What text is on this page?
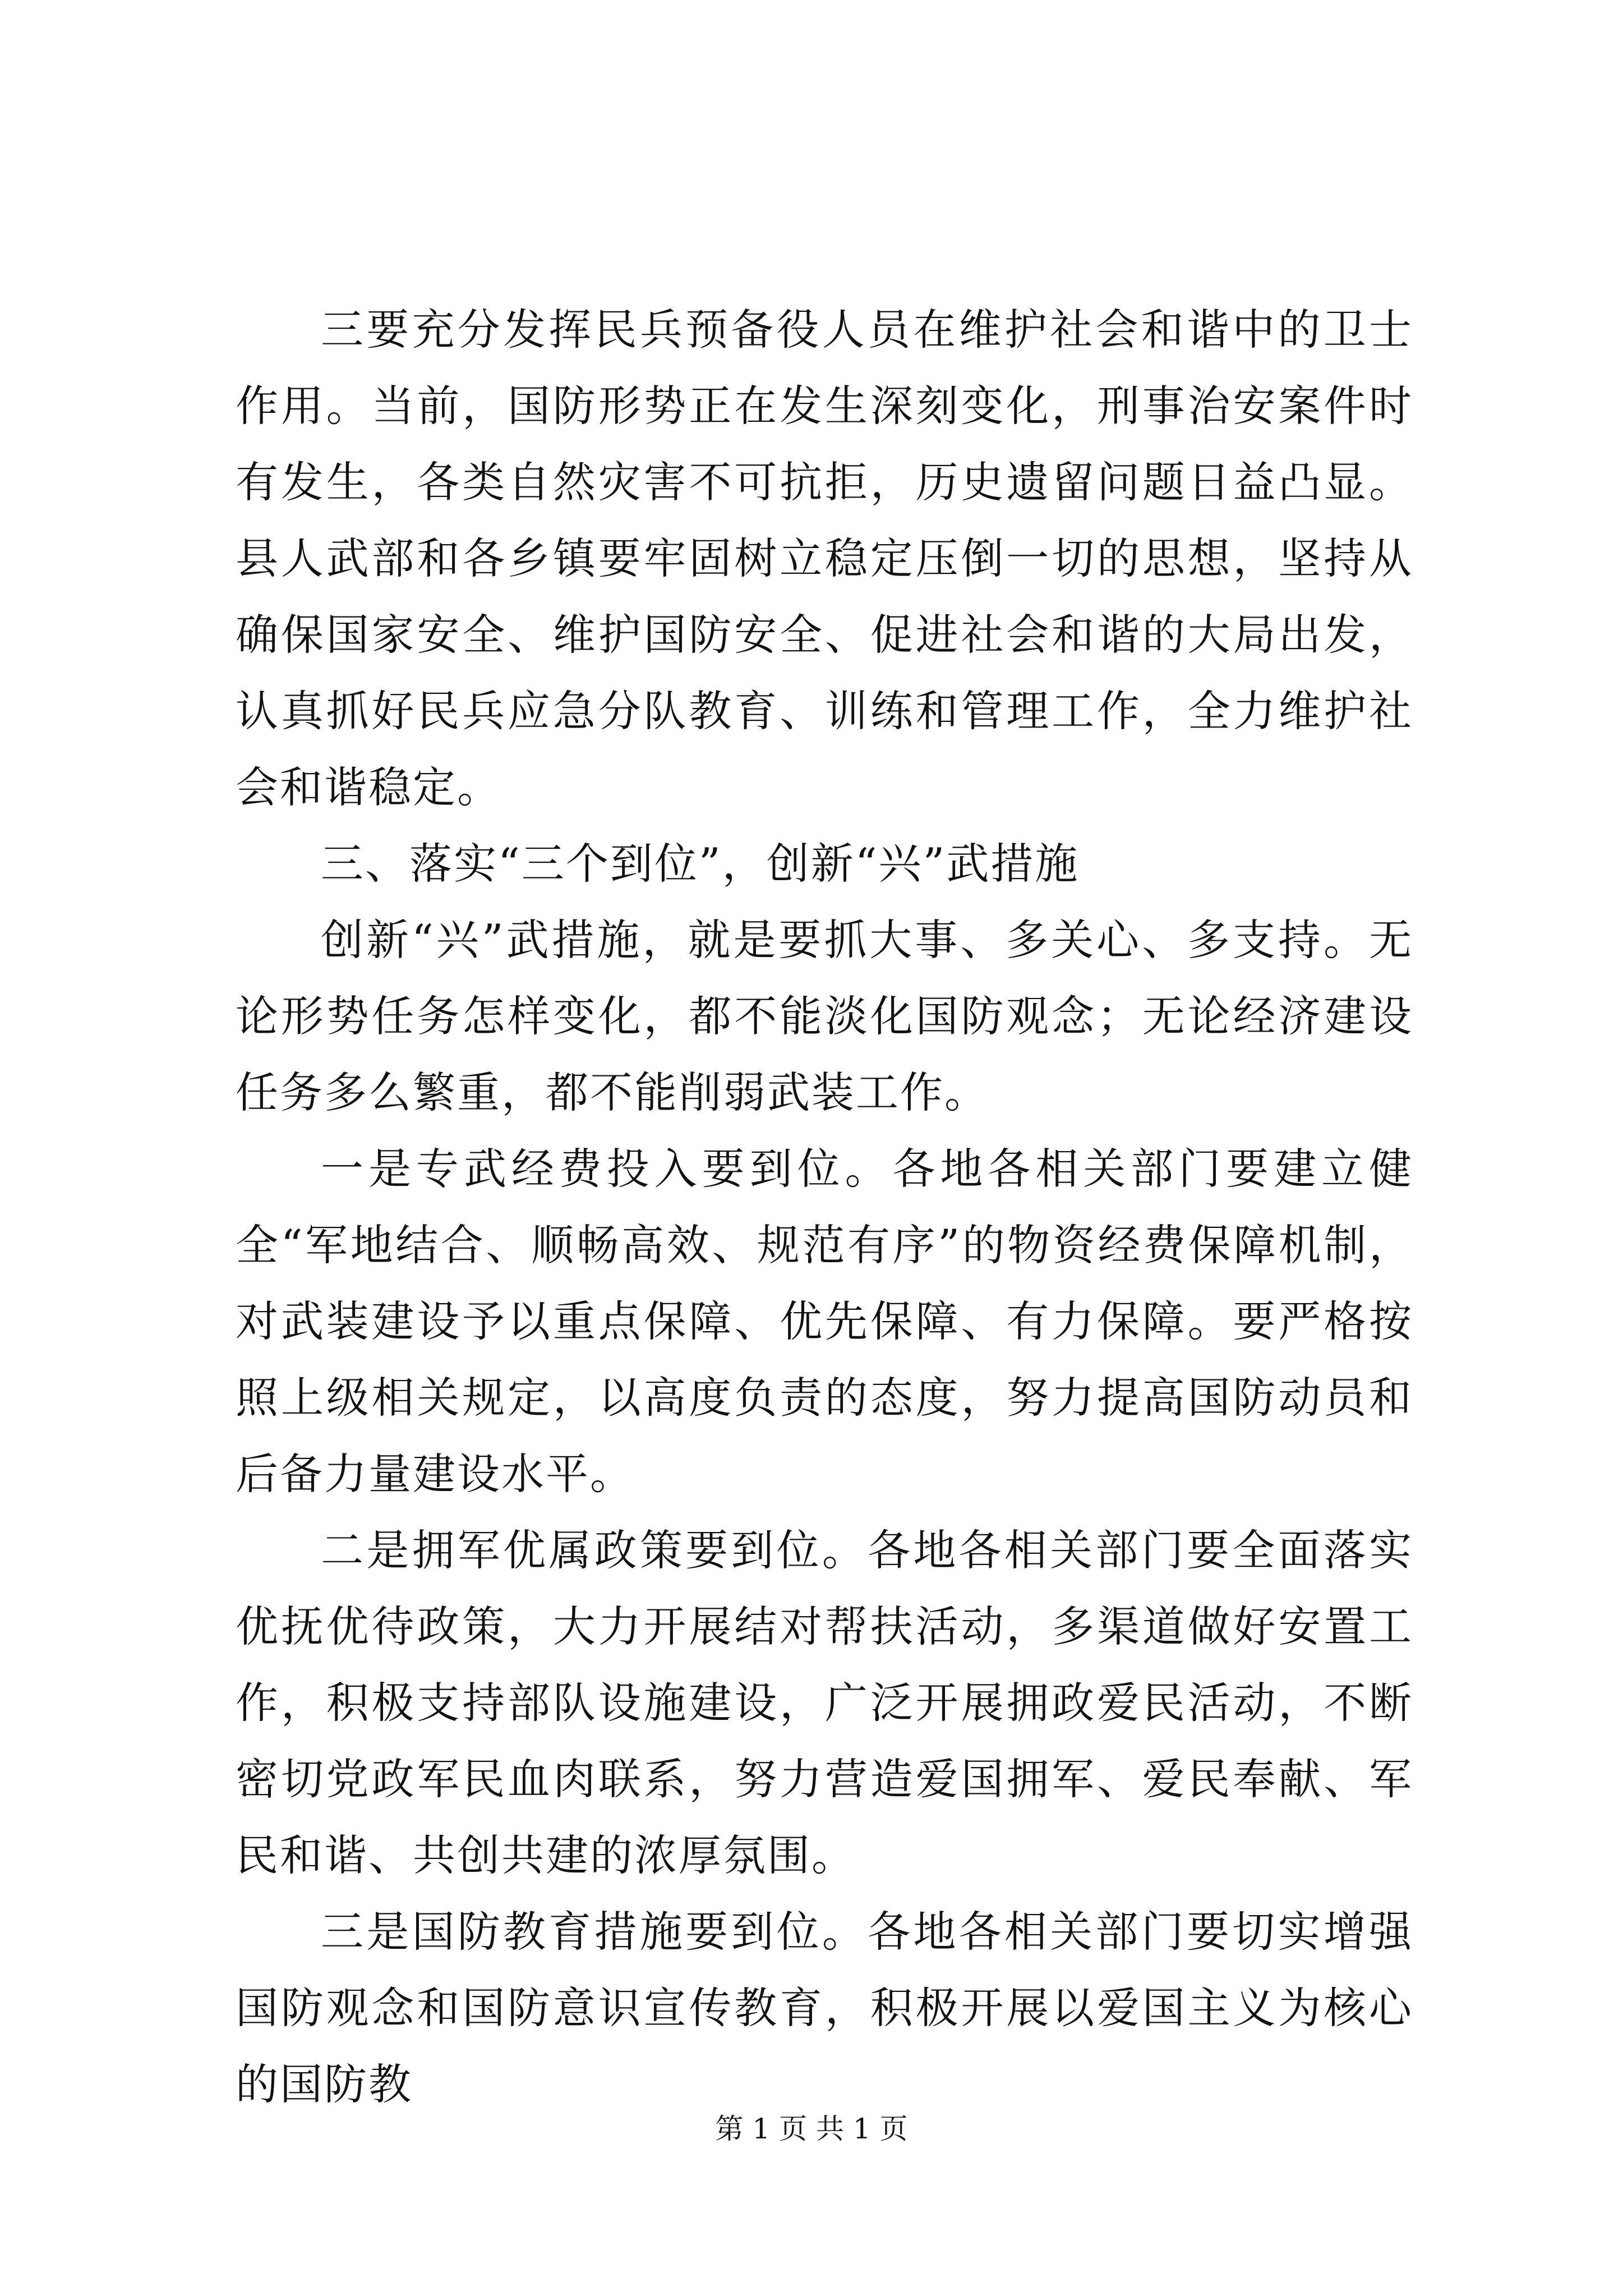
三要充分发挥民兵预备役人员在维护社会和谐中的卫士作用。当前，国防形势正在发生深刻变化，刑事治安案件时有发生，各类自然灾害不可抗拒，历史遗留问题日益凸显。县人武部和各乡镇要牢固树立稳定压倒一切的思想，坚持从确保国家安全、维护国防安全、促进社会和谐的大局出发，认真抓好民兵应急分队教育、训练和管理工作，全力维护社会和谐稳定。

三、落实“三个到位”，创新“兴”武措施

创新“兴”武措施，就是要抓大事、多关心、多支持。无论形势任务怎样变化，都不能淡化国防观念；无论经济建设任务多么繁重，都不能削弱武装工作。

一是专武经费投入要到位。各地各相关部门要建立健全“军地结合、顺畅高效、规范有序”的物资经费保障机制，对武装建设予以重点保障、优先保障、有力保障。要严格按照上级相关规定，以高度负责的态度，努力提高国防动员和后备力量建设水平。

二是拥军优属政策要到位。各地各相关部门要全面落实优抚优待政策，大力开展结对帮扶活动，多渠道做好安置工作，积极支持部队设施建设，广泛开展拥政爱民活动，不断密切党政军民血肉联系，努力营造爱国拥军、爱民奉献、军民和谐、共创共建的浓厚氛围。

三是国防教育措施要到位。各地各相关部门要切实增强国防观念和国防意识宣传教育，积极开展以爱国主义为核心的国防教

第 1 页 共 1 页
